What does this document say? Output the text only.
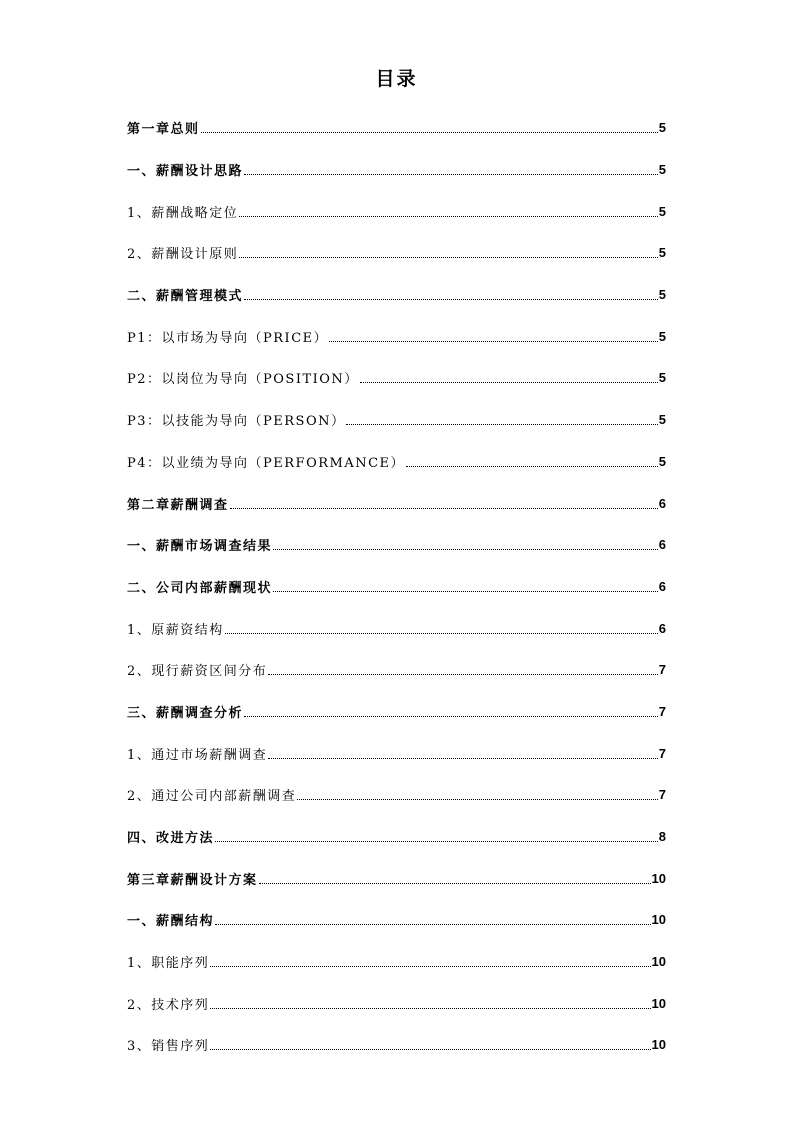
目录
第一章总则	5
一、薪酬设计思路	5
1、薪酬战略定位	5
2、薪酬设计原则	5
二、薪酬管理模式	5
P1：以市场为导向（PRICE）	5
P2：以岗位为导向（POSITION）	5
P3：以技能为导向（PERSON）	5
P4：以业绩为导向（PERFORMANCE）	5
第二章薪酬调查	6
一、薪酬市场调查结果	6
二、公司内部薪酬现状	6
1、原薪资结构	6
2、现行薪资区间分布	7
三、薪酬调查分析	7
1、通过市场薪酬调查	7
2、通过公司内部薪酬调查	7
四、改进方法	8
第三章薪酬设计方案	10
一、薪酬结构	10
1、职能序列	10
2、技术序列	10
3、销售序列	10
